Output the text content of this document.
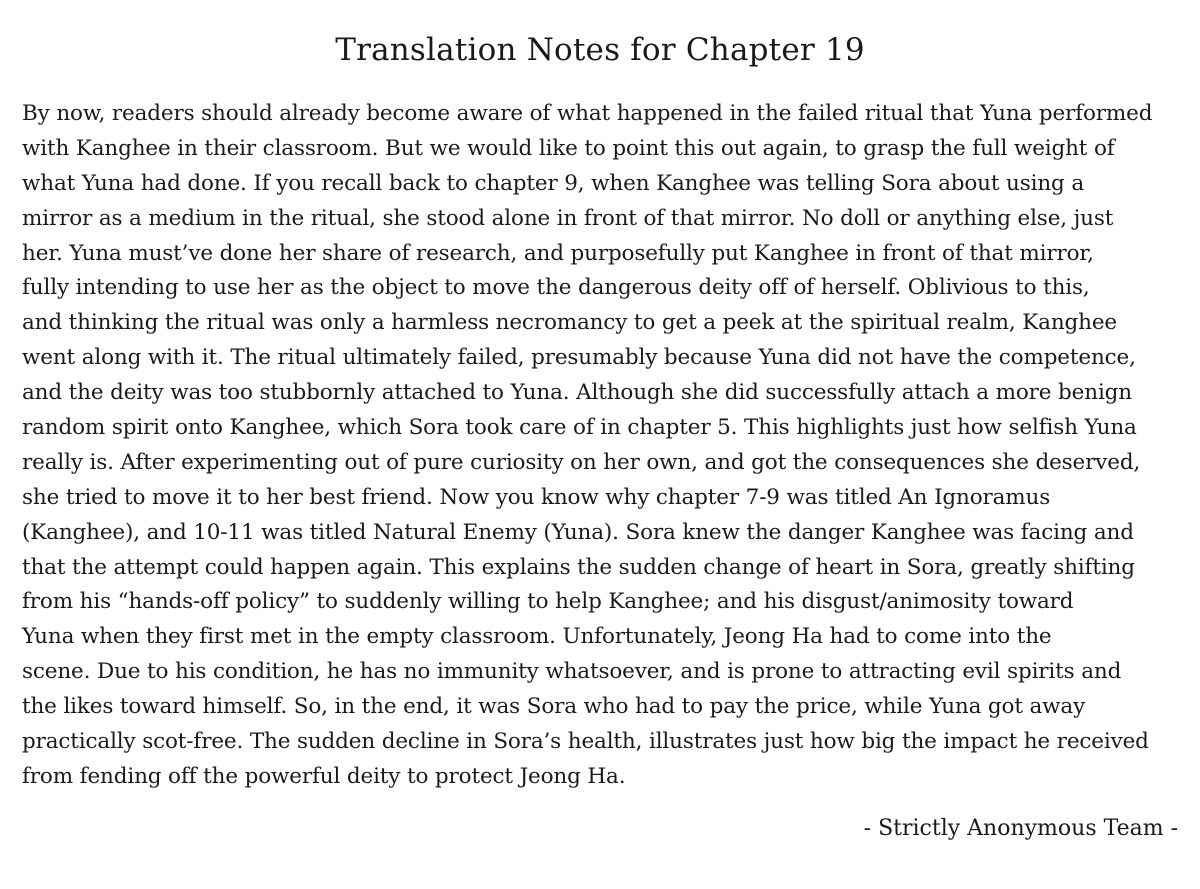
Translation Notes for Chapter 19
By now, readers should already become aware of what happened in the failed ritual that Yuna performed
with Kanghee in their classroom. But we would like to point this out again, to grasp the full weight of
what Yuna had done. If you recall back to chapter 9, when Kanghee was telling Sora about using a
mirror as a medium in the ritual, she stood alone in front of that mirror. No doll or anything else, just
her. Yuna must’ve done her share of research, and purposefully put Kanghee in front of that mirror,
fully intending to use her as the object to move the dangerous deity off of herself. Oblivious to this,
and thinking the ritual was only a harmless necromancy to get a peek at the spiritual realm, Kanghee
went along with it. The ritual ultimately failed, presumably because Yuna did not have the competence,
and the deity was too stubbornly attached to Yuna. Although she did successfully attach a more benign
random spirit onto Kanghee, which Sora took care of in chapter 5. This highlights just how selfish Yuna
really is. After experimenting out of pure curiosity on her own, and got the consequences she deserved,
she tried to move it to her best friend. Now you know why chapter 7-9 was titled An Ignoramus
(Kanghee), and 10-11 was titled Natural Enemy (Yuna). Sora knew the danger Kanghee was facing and
that the attempt could happen again. This explains the sudden change of heart in Sora, greatly shifting
from his “hands-off policy” to suddenly willing to help Kanghee; and his disgust/animosity toward
Yuna when they first met in the empty classroom. Unfortunately, Jeong Ha had to come into the
scene. Due to his condition, he has no immunity whatsoever, and is prone to attracting evil spirits and
the likes toward himself. So, in the end, it was Sora who had to pay the price, while Yuna got away
practically scot-free. The sudden decline in Sora’s health, illustrates just how big the impact he received
from fending off the powerful deity to protect Jeong Ha.

- Strictly Anonymous Team -
